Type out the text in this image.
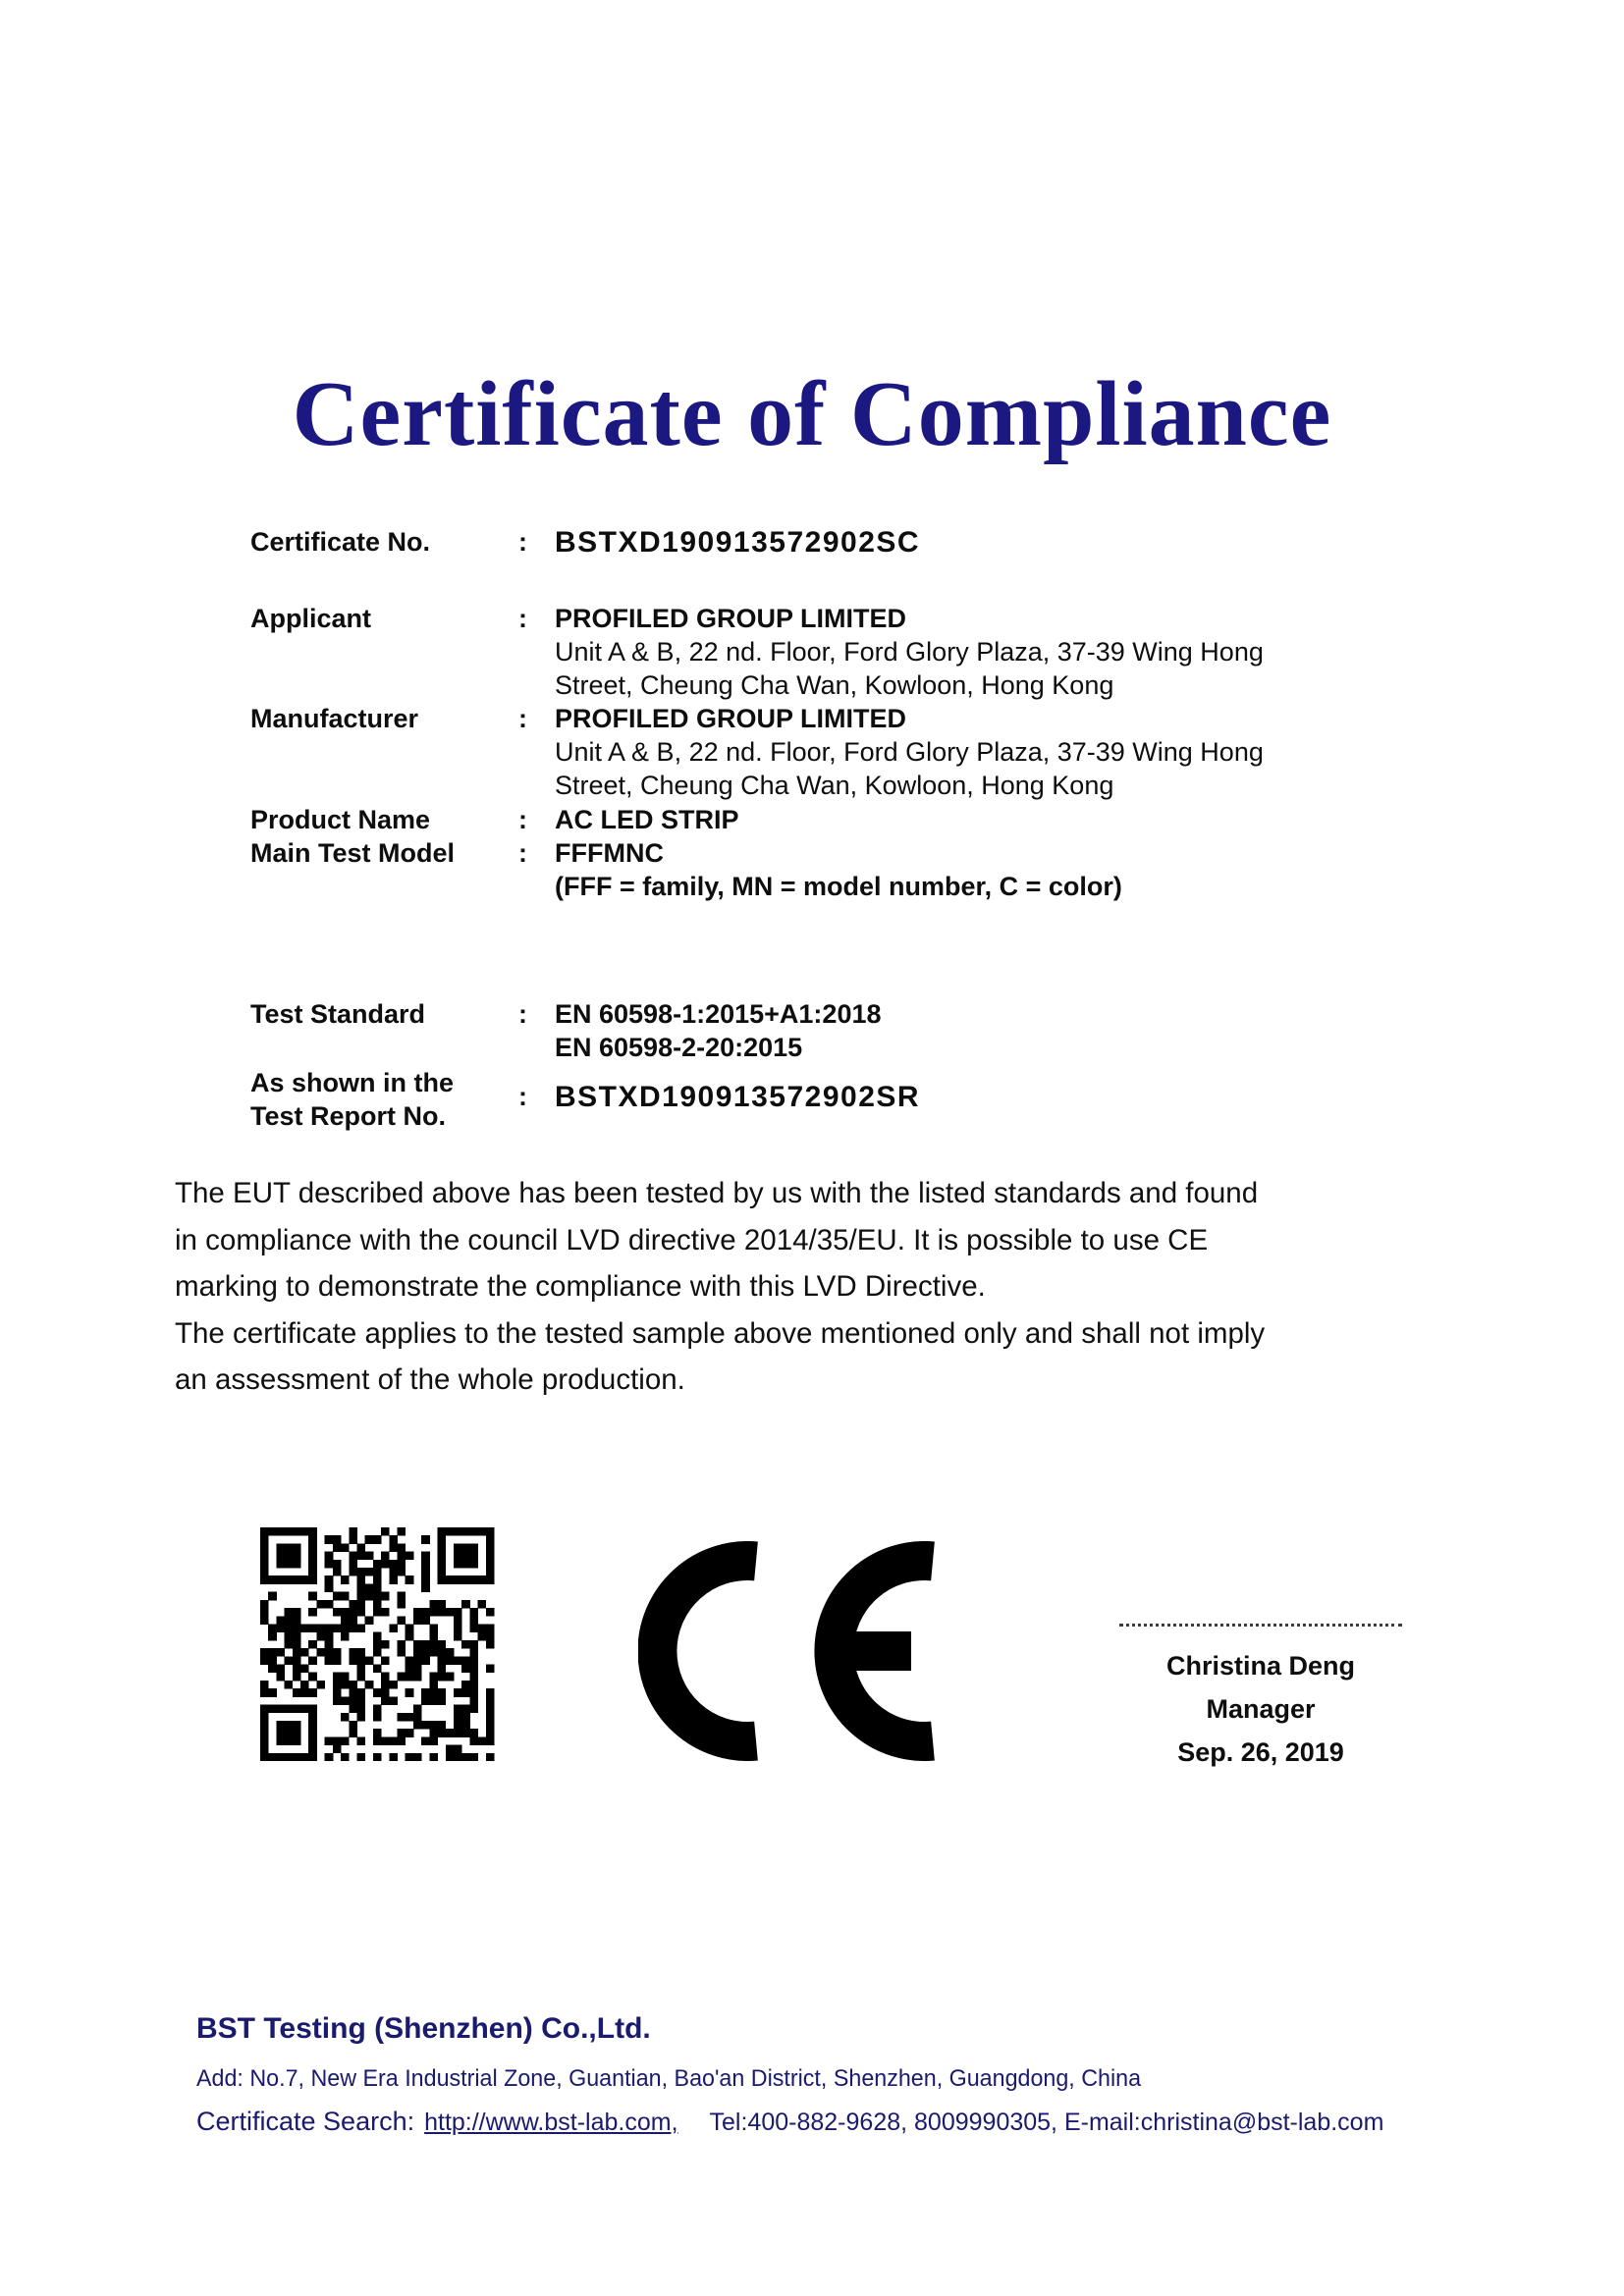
Certificate of Compliance
Certificate No.	: BSTXD190913572902SC
Applicant	:	PROFILED GROUP LIMITED
Unit A & B, 22 nd. Floor, Ford Glory Plaza, 37-39 Wing Hong
Street, Cheung Cha Wan, Kowloon, Hong Kong
Manufacturer	:	PROFILED GROUP LIMITED
Unit A & B, 22 nd. Floor, Ford Glory Plaza, 37-39 Wing Hong
Street, Cheung Cha Wan, Kowloon, Hong Kong
Product Name	:	AC LED STRIP
Main Test Model	:	FFFMNC
(FFF = family, MN = model number, C = color)
Test Standard	:	EN 60598-1:2015+A1:2018
EN 60598-2-20:2015
As shown in the
Test Report No.
: BSTXD190913572902SR
The EUT described above has been tested by us with the listed standards and found
in compliance with the council LVD directive 2014/35/EU. It is possible to use CE
marking to demonstrate the compliance with this LVD Directive.
The certificate applies to the tested sample above mentioned only and shall not imply
an assessment of the whole production.
Christina Deng
Manager
Sep. 26, 2019
BST Testing (Shenzhen) Co.,Ltd.
Add: No.7, New Era Industrial Zone, Guantian, Bao'an District, Shenzhen, Guangdong, China
Certificate Search: http://www.bst-lab.com, Tel:400-882-9628, 8009990305, E-mail:christina@bst-lab.com
